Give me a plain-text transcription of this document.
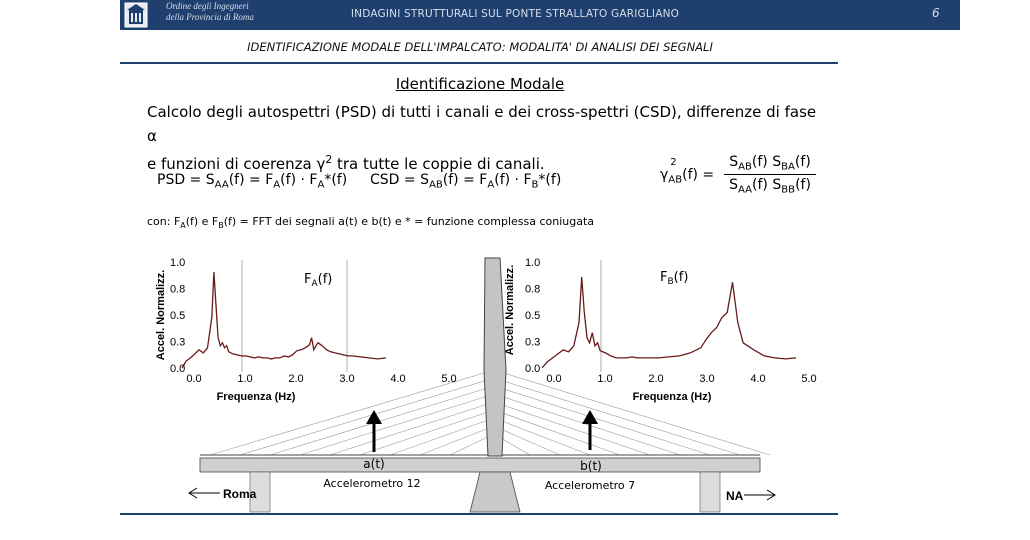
Ordine degli Ingegneri
della Provincia di Roma	INDAGINI STRUTTURALI SUL PONTE STRALLATO GARIGLIANO	6
IDENTIFICAZIONE MODALE DELL'IMPALCATO: MODALITA' DI ANALISI DEI SEGNALI
Identificazione Modale
Calcolo degli autospettri (PSD) di tutti i canali e dei cross-spettri (CSD), differenze di fase α
e funzioni di coerenza $\gamma^2$ tra tutte le coppie di canali.
PSD = $S_{AA}(f) = F_A(f) \cdot F_A*(f)$ CSD = $S_{AB}(f) = F_A(f) \cdot F_B*(f)$	γ
2
$_{AB}$(f) =
$S_{AB}(f)$ $S_{BA}(f)$
$S_{AA}(f)$ $S_{BB}(f)$
con: $F_A(f)$ e $F_B(f)$ = FFT dei segnali a(t) e b(t) e * = funzione complessa coniugata
1.0
0.8
0.5
0.3
0.0
0.0	1.0	2.0	3.0	4.0	5.0
Frequenza (Hz)
Accel. Normalizz.	$F_A(f)$
1.0
0.8
0.5
0.3
0.0
0.0	1.0	2.0	3.0	4.0	5.0
Frequenza (Hz)
Accel. Normalizz.	$F_B(f)$
a(t)
Accelerometro 12
b(t)
Accelerometro 7
Roma	NA
